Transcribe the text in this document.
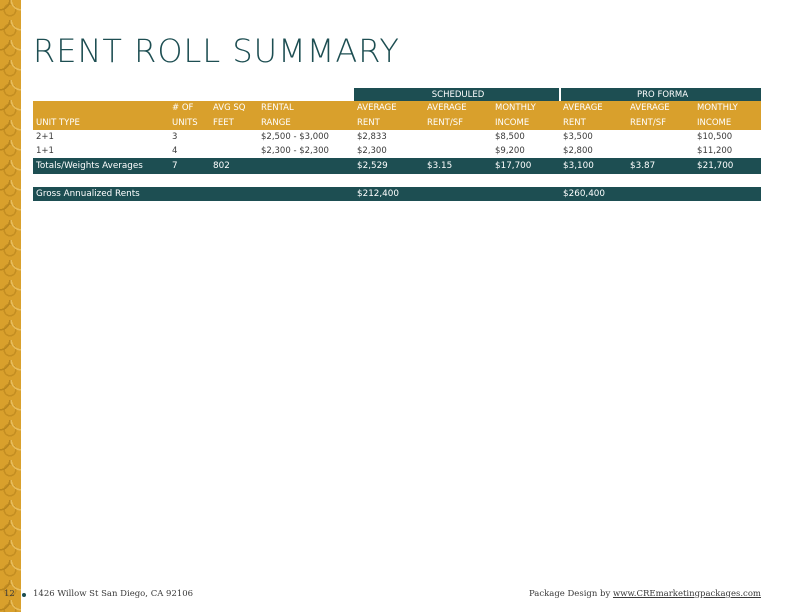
RENT ROLL SUMMARY
				SCHEDULED			PRO FORMA		
	# OF	AVG SQ	RENTAL	AVERAGE	AVERAGE	MONTHLY	AVERAGE	AVERAGE	MONTHLY
UNIT TYPE	UNITS	FEET	RANGE	RENT	RENT/SF	INCOME	RENT	RENT/SF	INCOME
2+1	3		$2,500 - $3,000	$2,833		$8,500	$3,500		$10,500
1+1	4		$2,300 - $2,300	$2,300		$9,200	$2,800		$11,200
Totals/Weights Averages	7	802		$2,529	$3.15	$17,700	$3,100	$3.87	$21,700

Gross Annualized Rents				$212,400			$260,400		
12 1426 Willow St San Diego, CA 92106	Package Design by www.CREmarketingpackages.com
